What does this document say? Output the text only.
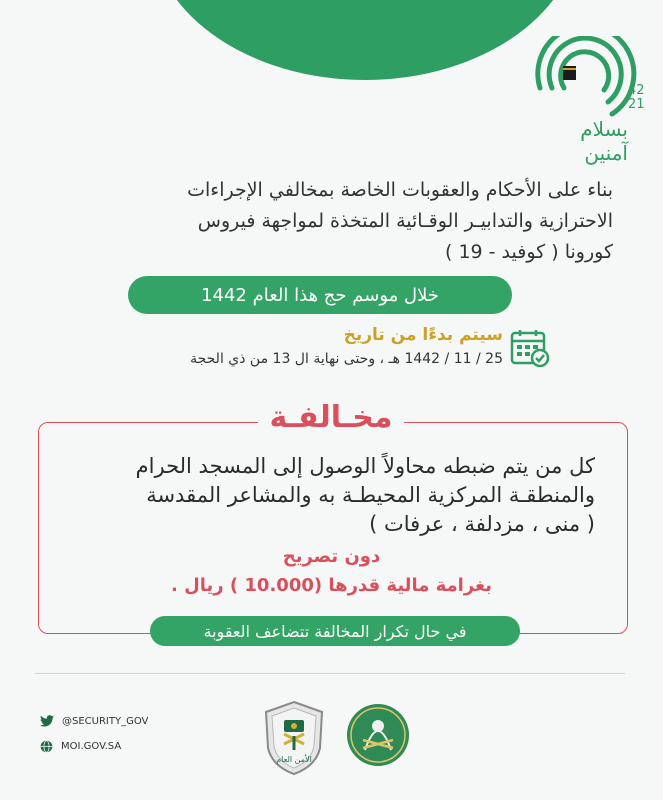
42
21
بسلام
آمنين
بناء على الأحكام والعقوبات الخاصة بمخالفي الإجراءات
الاحترازية والتدابيـر الوقـائية المتخذة لمواجهة فيروس
كورونا ( كوفيد - 19 )
خلال موسم حج هذا العام 1442
سيتم بدءًا من تاريخ
25 / 11 / 1442 هـ ، وحتى نهاية ال 13 من ذي الحجة
مخـالفـة
كل من يتم ضبطه محاولاً الوصول إلى المسجد الحرام
والمنطقـة المركزية المحيطـة به والمشاعر المقدسة
( منى ، مزدلفة ، عرفات )
دون تصريح
بغرامة مالية قدرها (10.000 ) ريال .
في حال تكرار المخالفة تتضاعف العقوبة
@SECURITY_GOV
MOI.GOV.SA
الأمن العام
